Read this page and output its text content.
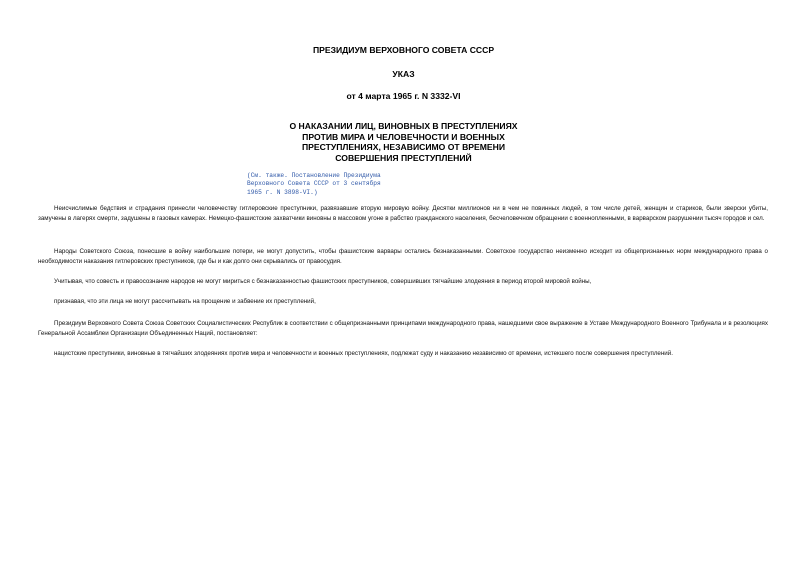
ПРЕЗИДИУМ ВЕРХОВНОГО СОВЕТА СССР
УКАЗ
от 4 марта 1965 г. N 3332-VI
О НАКАЗАНИИ ЛИЦ, ВИНОВНЫХ В ПРЕСТУПЛЕНИЯХ
ПРОТИВ МИРА И ЧЕЛОВЕЧНОСТИ И ВОЕННЫХ
ПРЕСТУПЛЕНИЯХ, НЕЗАВИСИМО ОТ ВРЕМЕНИ
СОВЕРШЕНИЯ ПРЕСТУПЛЕНИЙ
(См. также. Постановление Президиума
Верховного Совета СССР от 3 сентября
1965 г. N 3898-VI.)
Неисчислимые бедствия и страдания принесли человечеству гитлеровские преступники, развязавшие вторую мировую войну. Десятки миллионов ни в чем не повинных людей, в том числе детей, женщин и стариков, были зверски убиты, замучены в лагерях смерти, задушены в газовых камерах. Немецко-фашистские захватчики виновны в массовом угоне в рабство гражданского населения, бесчеловечном обращении с военнопленными, в варварском разрушении тысяч городов и сел.
Народы Советского Союза, понесшие в войну наибольшие потери, не могут допустить, чтобы фашистские варвары остались безнаказанными. Советское государство неизменно исходит из общепризнанных норм международного права о необходимости наказания гитлеровских преступников, где бы и как долго они скрывались от правосудия.
Учитывая, что совесть и правосознание народов не могут мириться с безнаказанностью фашистских преступников, совершивших тягчайшие злодеяния в период второй мировой войны,
признавая, что эти лица не могут рассчитывать на прощение и забвение их преступлений,
Президиум Верховного Совета Союза Советских Социалистических Республик в соответствии с общепризнанными принципами международного права, нашедшими свое выражение в Уставе Международного Военного Трибунала и в резолюциях Генеральной Ассамблеи Организации Объединенных Наций, постановляет:
нацистские преступники, виновные в тягчайших злодеяниях против мира и человечности и военных преступлениях, подлежат суду и наказанию независимо от времени, истекшего после совершения преступлений.
